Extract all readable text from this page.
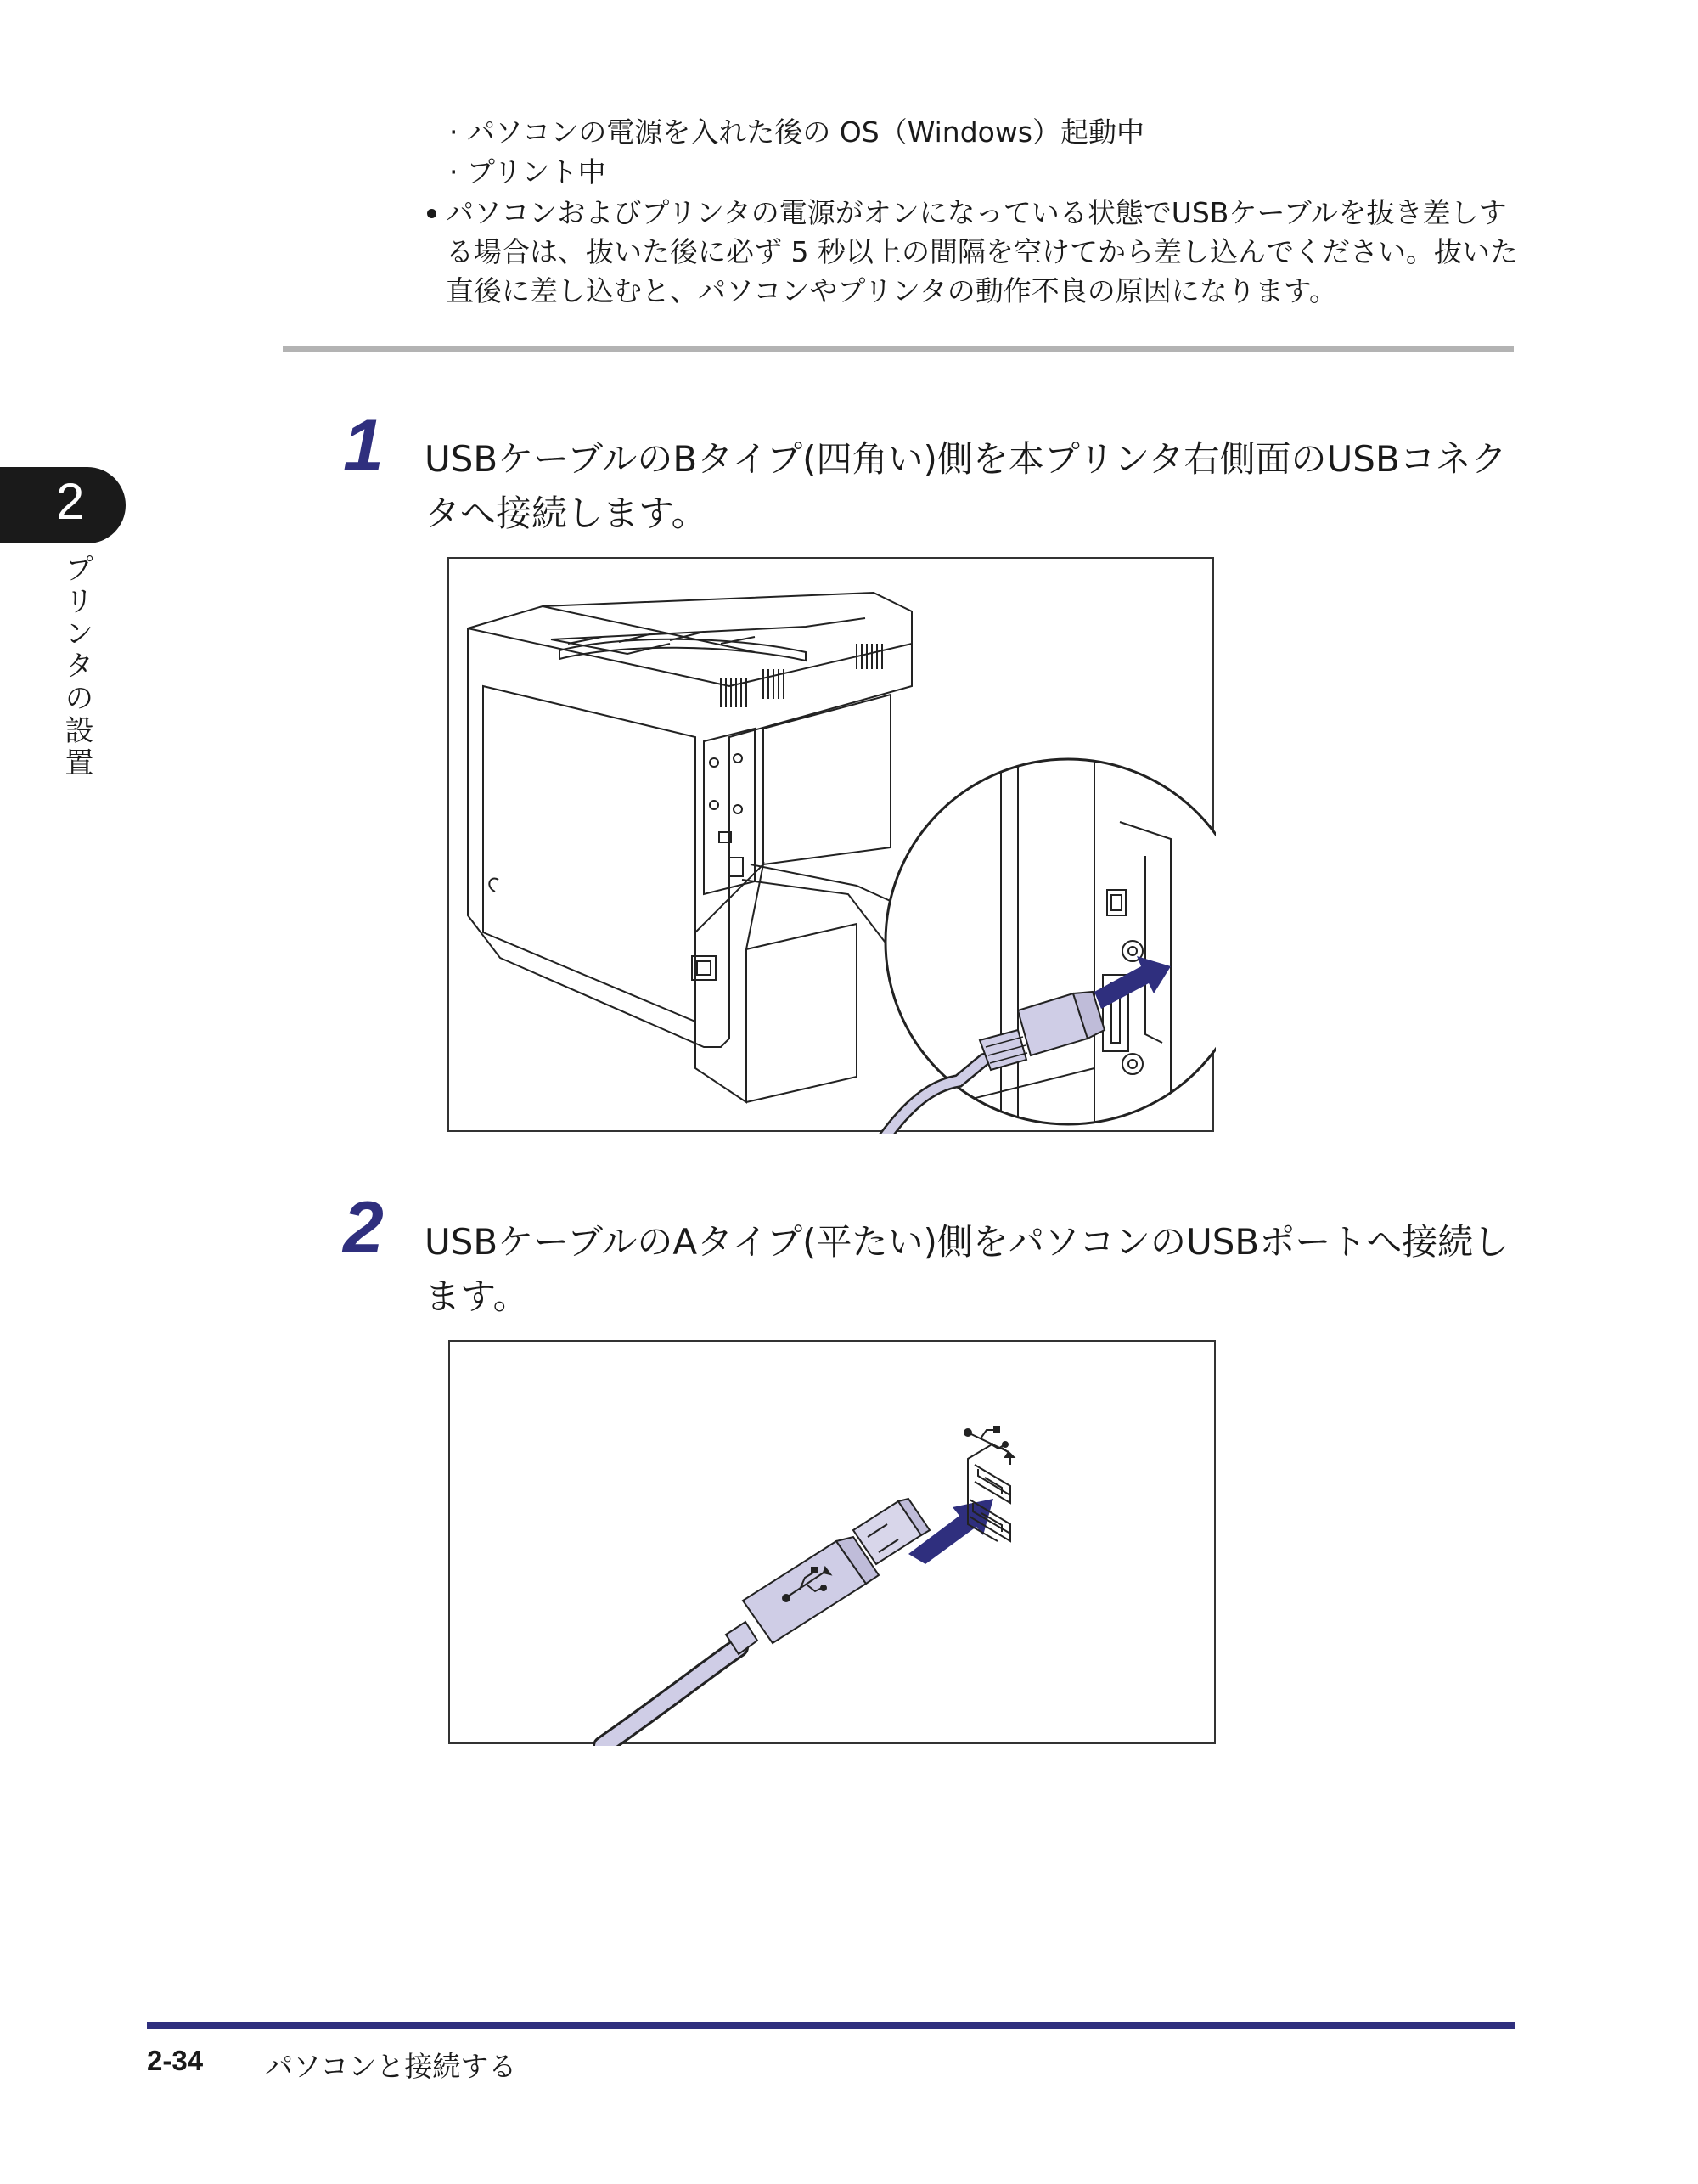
· パソコンの電源を入れた後の OS（Windows）起動中
· プリント中
パソコンおよびプリンタの電源がオンになっている状態でUSBケーブルを抜き差しする場合は、抜いた後に必ず 5 秒以上の間隔を空けてから差し込んでください。抜いた直後に差し込むと、パソコンやプリンタの動作不良の原因になります。
2
プリンタの設置
1 USBケーブルのBタイプ(四角い)側を本プリンタ右側面のUSBコネクタへ接続します。
2 USBケーブルのAタイプ(平たい)側をパソコンのUSBポートへ接続します。
2-34 パソコンと接続する
